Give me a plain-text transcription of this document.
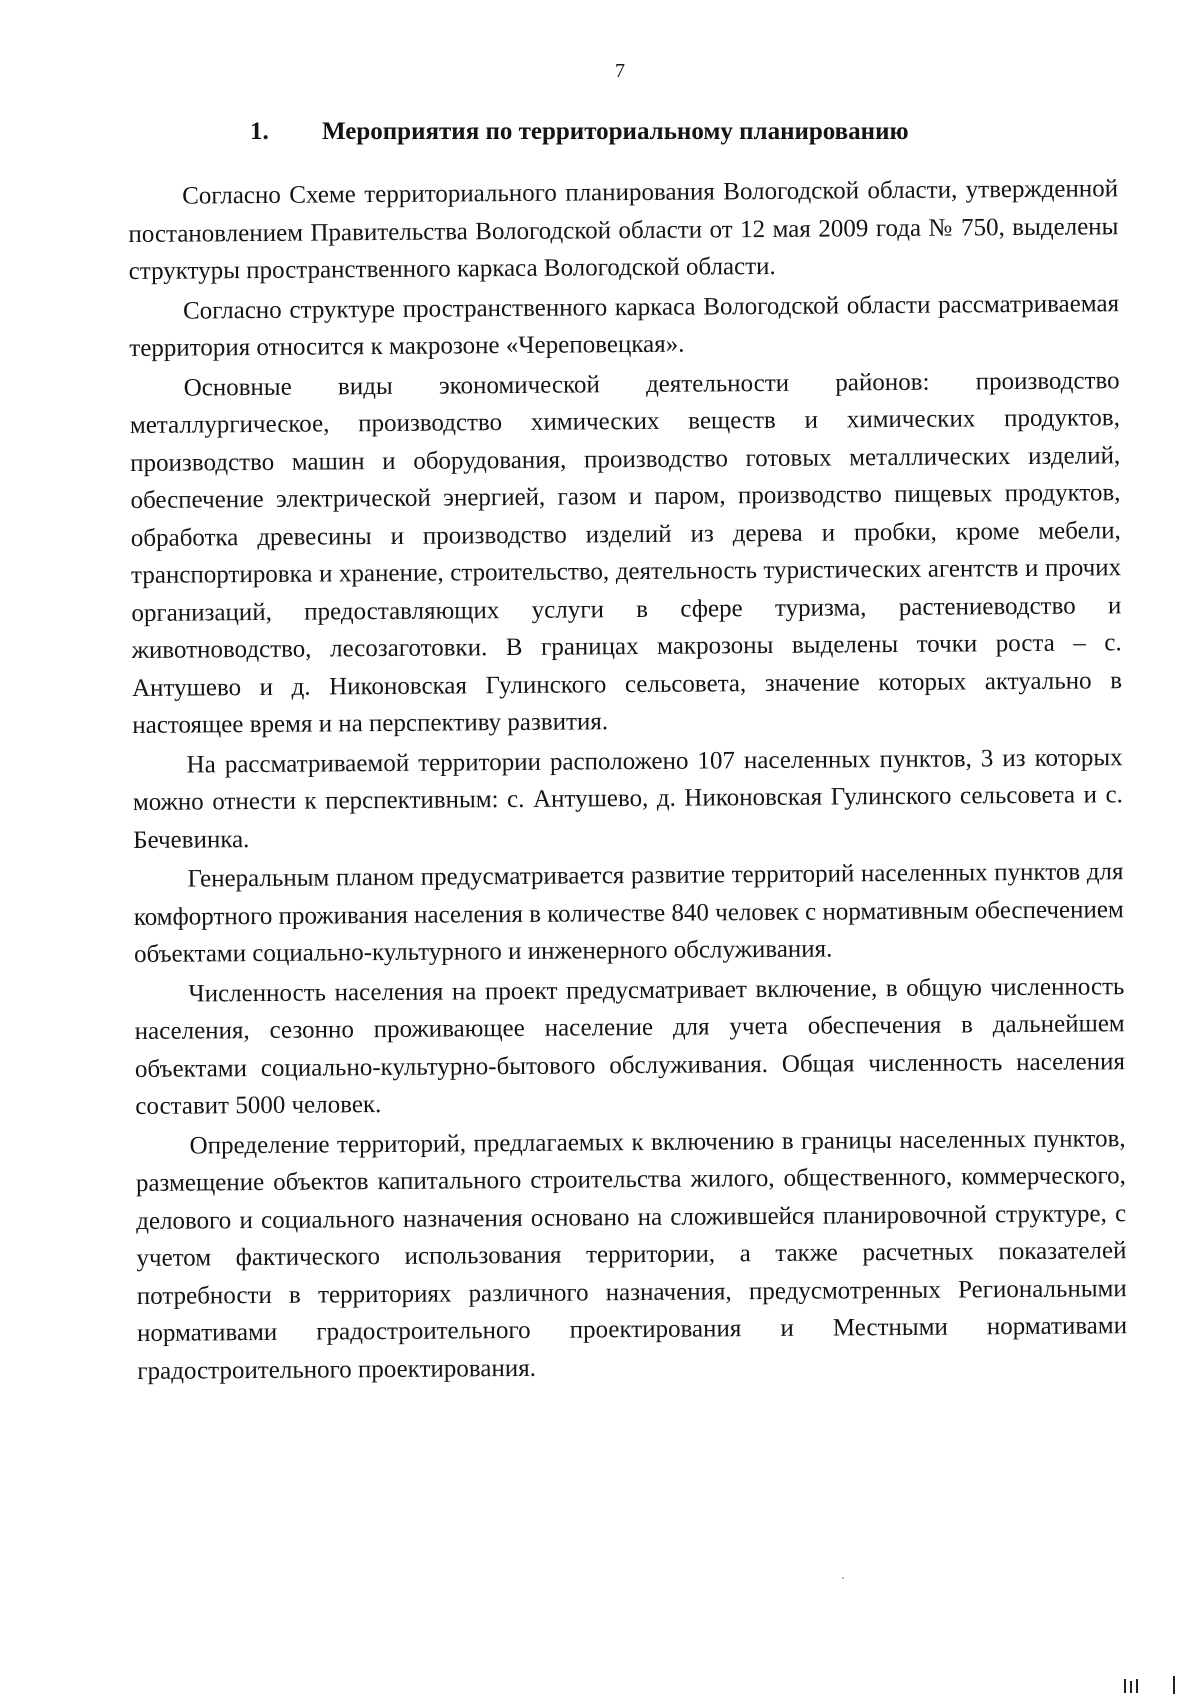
7
1. Мероприятия по территориальному планированию

Согласно Схеме территориального планирования Вологодской области, утвержденной постановлением Правительства Вологодской области от 12 мая 2009 года № 750, выделены структуры пространственного каркаса Вологодской области.

Согласно структуре пространственного каркаса Вологодской области рассматриваемая территория относится к макрозоне «Череповецкая».

Основные виды экономической деятельности районов: производство металлургическое, производство химических веществ и химических продуктов, производство машин и оборудования, производство готовых металлических изделий, обеспечение электрической энергией, газом и паром, производство пищевых продуктов, обработка древесины и производство изделий из дерева и пробки, кроме мебели, транспортировка и хранение, строительство, деятельность туристических агентств и прочих организаций, предоставляющих услуги в сфере туризма, растениеводство и животноводство, лесозаготовки. В границах макрозоны выделены точки роста – с. Антушево и д. Никоновская Гулинского сельсовета, значение которых актуально в настоящее время и на перспективу развития.

На рассматриваемой территории расположено 107 населенных пунктов, 3 из которых можно отнести к перспективным: с. Антушево, д. Никоновская Гулинского сельсовета и с. Бечевинка.

Генеральным планом предусматривается развитие территорий населенных пунктов для комфортного проживания населения в количестве 840 человек с нормативным обеспечением объектами социально-культурного и инженерного обслуживания.

Численность населения на проект предусматривает включение, в общую численность населения, сезонно проживающее население для учета обеспечения в дальнейшем объектами социально-культурно-бытового обслуживания. Общая численность населения составит 5000 человек.

Определение территорий, предлагаемых к включению в границы населенных пунктов, размещение объектов капитального строительства жилого, общественного, коммерческого, делового и социального назначения основано на сложившейся планировочной структуре, с учетом фактического использования территории, а также расчетных показателей потребности в территориях различного назначения, предусмотренных Региональными нормативами градостроительного проектирования и Местными нормативами градостроительного проектирования.
